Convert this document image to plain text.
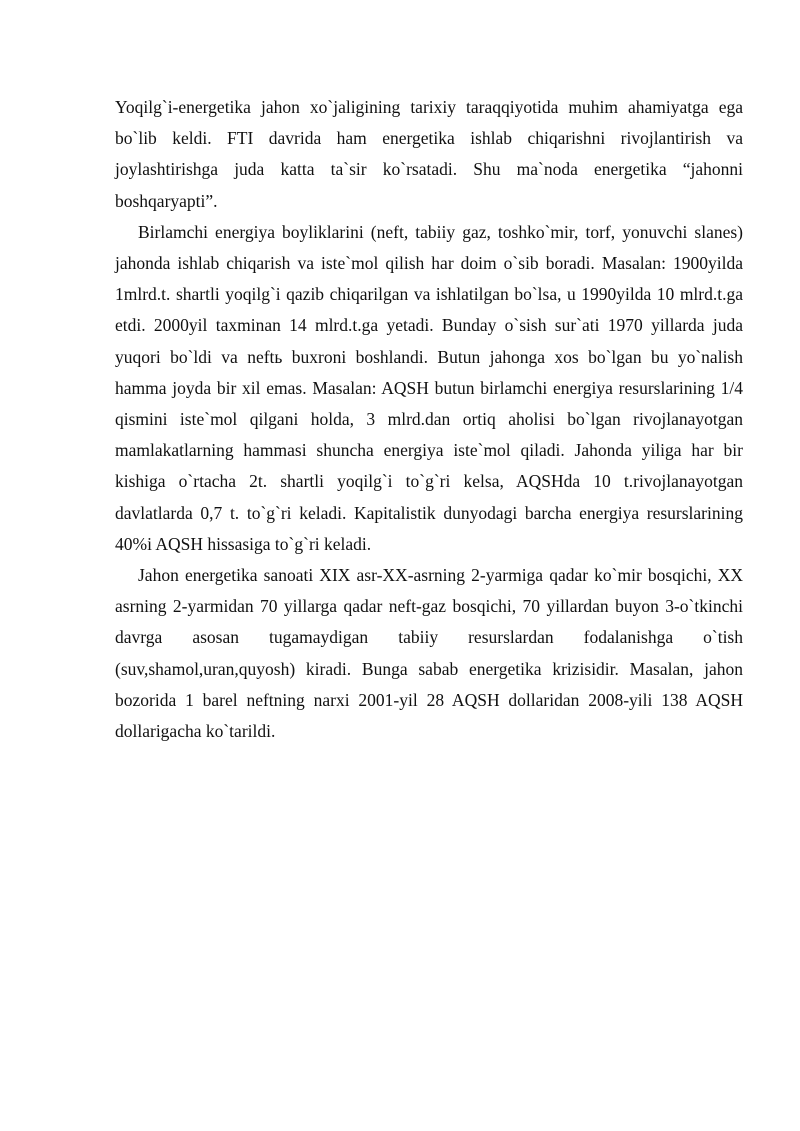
Yoqilg`i-energetika jahon xo`jaligining tarixiy taraqqiyotida muhim ahamiyatga ega bo`lib keldi. FTI davrida ham energetika ishlab chiqarishni rivojlantirish va joylashtirishga juda katta ta`sir ko`rsatadi. Shu ma`noda energetika “jahonni boshqaryapti”.

Birlamchi energiya boyliklarini (neft, tabiiy gaz, toshko`mir, torf, yonuvchi slanes) jahonda ishlab chiqarish va iste`mol qilish har doim o`sib boradi. Masalan: 1900yilda 1mlrd.t. shartli yoqilg`i qazib chiqarilgan va ishlatilgan bo`lsa, u 1990yilda 10 mlrd.t.ga etdi. 2000yil taxminan 14 mlrd.t.ga yetadi. Bunday o`sish sur`ati 1970 yillarda juda yuqori bo`ldi va neftь buxroni boshlandi. Butun jahonga xos bo`lgan bu yo`nalish hamma joyda bir xil emas. Masalan: AQSH butun birlamchi energiya resurslarining 1/4 qismini iste`mol qilgani holda, 3 mlrd.dan ortiq aholisi bo`lgan rivojlanayotgan mamlakatlarning hammasi shuncha energiya iste`mol qiladi. Jahonda yiliga har bir kishiga o`rtacha 2t. shartli yoqilg`i to`g`ri kelsa, AQSHda 10 t.rivojlanayotgan davlatlarda 0,7 t. to`g`ri keladi. Kapitalistik dunyodagi barcha energiya resurslarining 40%i AQSH hissasiga to`g`ri keladi.

Jahon energetika sanoati XIX asr-XX-asrning 2-yarmiga qadar ko`mir bosqichi, XX asrning 2-yarmidan 70 yillarga qadar neft-gaz bosqichi, 70 yillardan buyon 3-o`tkinchi davrga asosan tugamaydigan tabiiy resurslardan fodalanishga o`tish (suv,shamol,uran,quyosh) kiradi. Bunga sabab energetika krizisidir. Masalan, jahon bozorida 1 barel neftning narxi 2001-yil 28 AQSH dollaridan 2008-yili 138 AQSH dollarigacha ko`tarildi.
